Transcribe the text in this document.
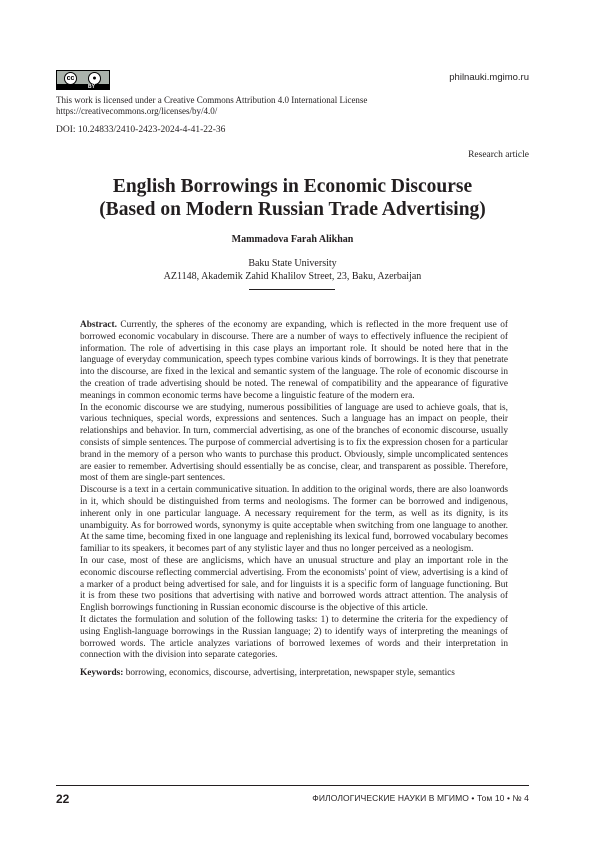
cc	●
BY
philnauki.mgimo.ru
This work is licensed under a Creative Commons Attribution 4.0 International License
https://creativecommons.org/licenses/by/4.0/
DOI: 10.24833/2410-2423-2024-4-41-22-36
Research article
English Borrowings in Economic Discourse
(Based on Modern Russian Trade Advertising)
Mammadova Farah Alikhan
Baku State University
AZ1148, Akademik Zahid Khalilov Street, 23, Baku, Azerbaijan

Abstract. Currently, the spheres of the economy are expanding, which is reflected in the more frequent use of borrowed economic vocabulary in discourse. There are a number of ways to effectively influence the recipient of information. The role of advertising in this case plays an important role. It should be noted here that in the language of everyday communication, speech types combine various kinds of borrowings. It is they that penetrate into the discourse, are fixed in the lexical and semantic system of the language. The role of economic discourse in the creation of trade advertising should be noted. The renewal of compatibility and the appearance of figurative meanings in common economic terms have become a linguistic feature of the modern era.

In the economic discourse we are studying, numerous possibilities of language are used to achieve goals, that is, various techniques, special words, expressions and sentences. Such a language has an impact on people, their relationships and behavior. In turn, commercial advertising, as one of the branches of economic discourse, usually consists of simple sentences. The purpose of commercial advertising is to fix the expression chosen for a particular brand in the memory of a person who wants to purchase this product. Obviously, simple uncomplicated sentences are easier to remember. Advertising should essentially be as concise, clear, and transparent as possible. Therefore, most of them are single-part sentences.

Discourse is a text in a certain communicative situation. In addition to the original words, there are also loanwords in it, which should be distinguished from terms and neologisms. The former can be borrowed and indigenous, inherent only in one particular language. A necessary requirement for the term, as well as its dignity, is its unambiguity. As for borrowed words, synonymy is quite acceptable when switching from one language to another. At the same time, becoming fixed in one language and replenishing its lexical fund, borrowed vocabulary becomes familiar to its speakers, it becomes part of any stylistic layer and thus no longer perceived as a neologism.

In our case, most of these are anglicisms, which have an unusual structure and play an important role in the economic discourse reflecting commercial advertising. From the economists' point of view, advertising is a kind of a marker of a product being advertised for sale, and for linguists it is a specific form of language functioning. But it is from these two positions that advertising with native and borrowed words attract attention. The analysis of English borrowings functioning in Russian economic discourse is the objective of this article.

It dictates the formulation and solution of the following tasks: 1) to determine the criteria for the expediency of using English-language borrowings in the Russian language; 2) to identify ways of interpreting the meanings of borrowed words. The article analyzes variations of borrowed lexemes of words and their interpretation in connection with the division into separate categories.

Keywords: borrowing, economics, discourse, advertising, interpretation, newspaper style, semantics

22	ФИЛОЛОГИЧЕСКИЕ НАУКИ В МГИМО • Том 10 • № 4
